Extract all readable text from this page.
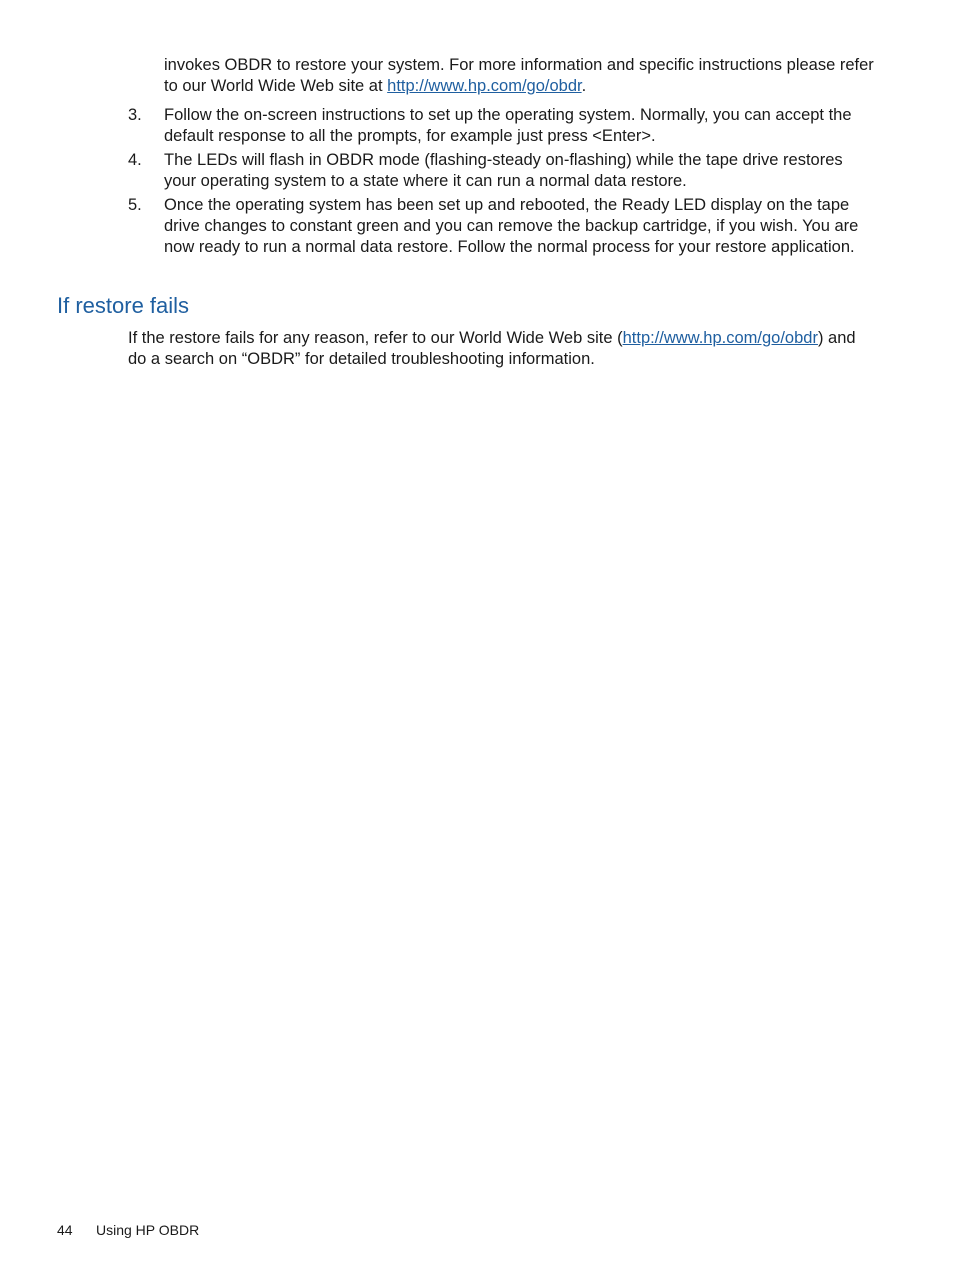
invokes OBDR to restore your system. For more information and specific instructions please refer to our World Wide Web site at http://www.hp.com/go/obdr.
3. Follow the on-screen instructions to set up the operating system. Normally, you can accept the default response to all the prompts, for example just press <Enter>.
4. The LEDs will flash in OBDR mode (flashing-steady on-flashing) while the tape drive restores your operating system to a state where it can run a normal data restore.
5. Once the operating system has been set up and rebooted, the Ready LED display on the tape drive changes to constant green and you can remove the backup cartridge, if you wish. You are now ready to run a normal data restore. Follow the normal process for your restore application.
If restore fails

If the restore fails for any reason, refer to our World Wide Web site (http://www.hp.com/go/obdr) and do a search on “OBDR” for detailed troubleshooting information.

44 Using HP OBDR
